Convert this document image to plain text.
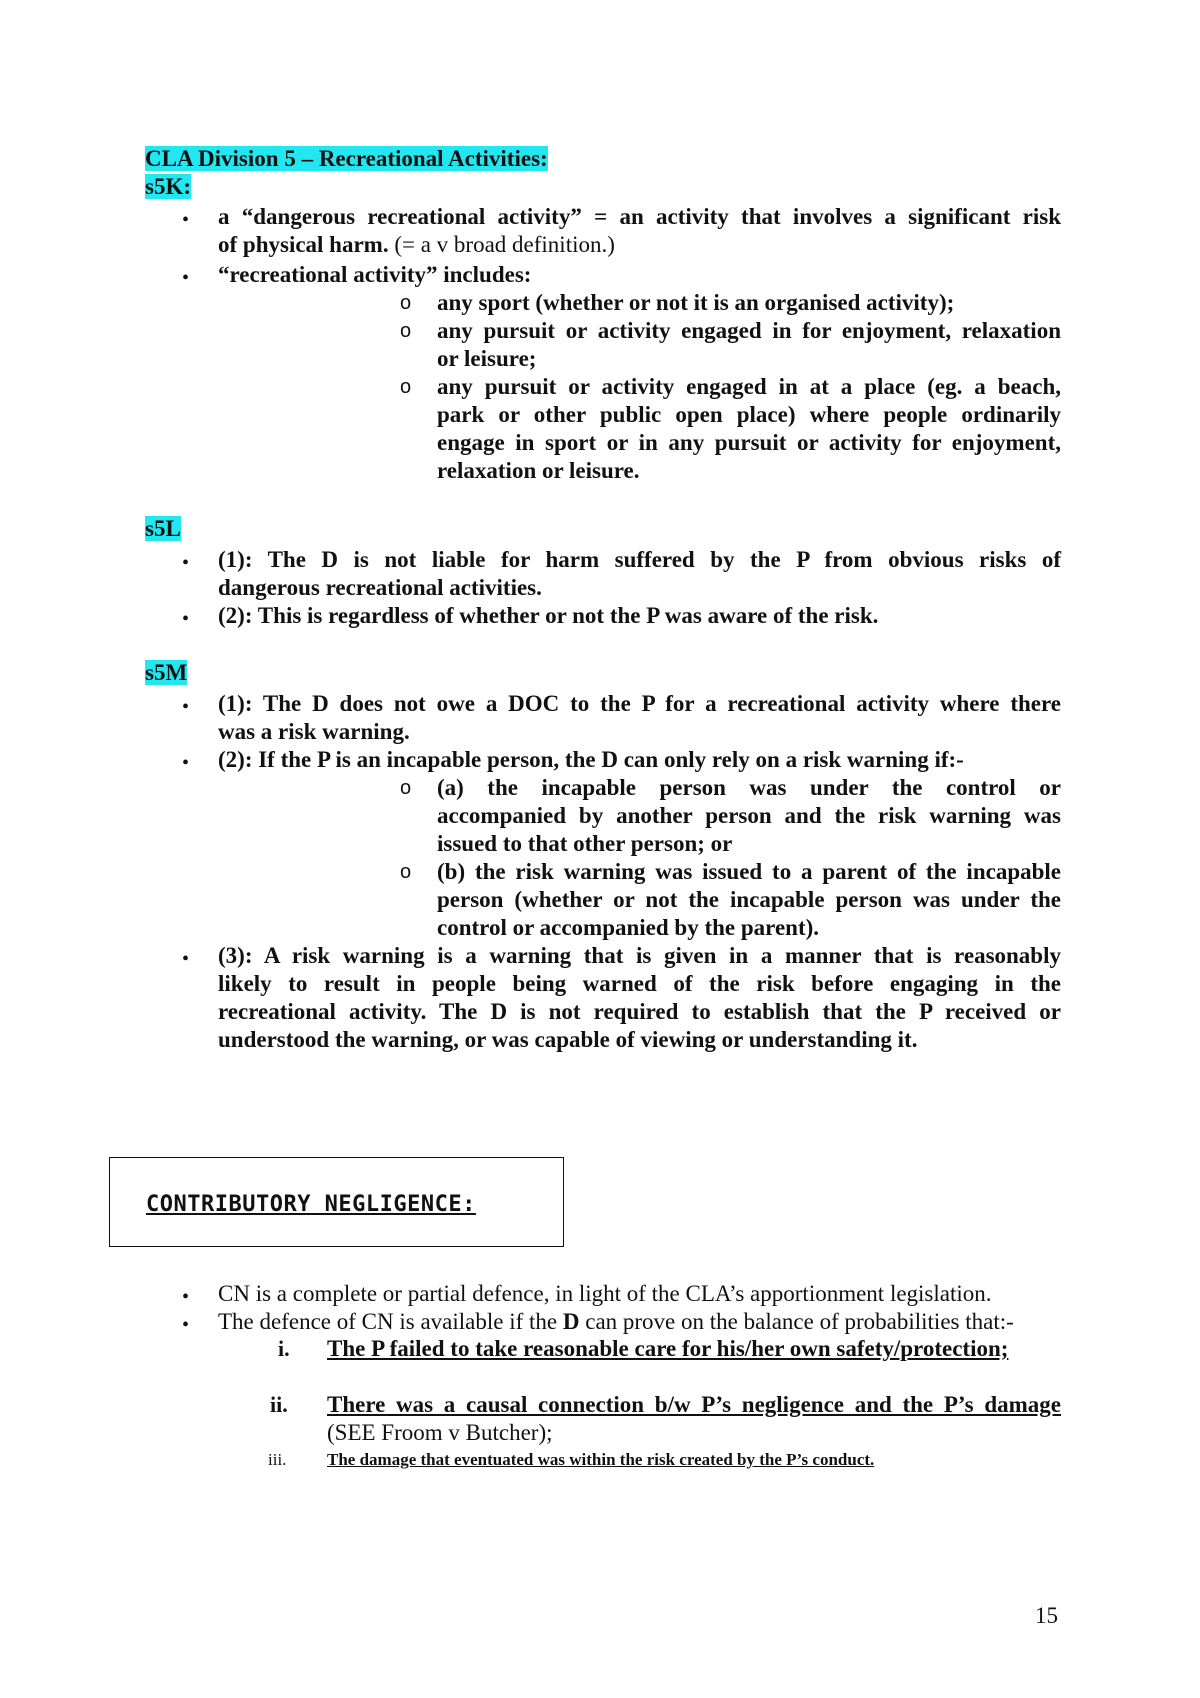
CLA Division 5 – Recreational Activities:
s5K:
• a “dangerous recreational activity” = an activity that involves a significant risk
of physical harm. (= a v broad definition.)
• “recreational activity” includes:
o any sport (whether or not it is an organised activity);
o any pursuit or activity engaged in for enjoyment, relaxation
or leisure;
o any pursuit or activity engaged in at a place (eg. a beach,
park or other public open place) where people ordinarily
engage in sport or in any pursuit or activity for enjoyment,
relaxation or leisure.
s5L
• (1): The D is not liable for harm suffered by the P from obvious risks of
dangerous recreational activities.
• (2): This is regardless of whether or not the P was aware of the risk.
s5M
• (1): The D does not owe a DOC to the P for a recreational activity where there
was a risk warning.
• (2): If the P is an incapable person, the D can only rely on a risk warning if:-
o (a) the incapable person was under the control or
accompanied by another person and the risk warning was
issued to that other person; or
o (b) the risk warning was issued to a parent of the incapable
person (whether or not the incapable person was under the
control or accompanied by the parent).
• (3): A risk warning is a warning that is given in a manner that is reasonably
likely to result in people being warned of the risk before engaging in the
recreational activity. The D is not required to establish that the P received or
understood the warning, or was capable of viewing or understanding it.
CONTRIBUTORY NEGLIGENCE:
• CN is a complete or partial defence, in light of the CLA’s apportionment legislation.
• The defence of CN is available if the D can prove on the balance of probabilities that:-
i. The P failed to take reasonable care for his/her own safety/protection;
ii. There was a causal connection b/w P’s negligence and the P’s damage
(SEE Froom v Butcher);
iii. The damage that eventuated was within the risk created by the P’s conduct.
15
